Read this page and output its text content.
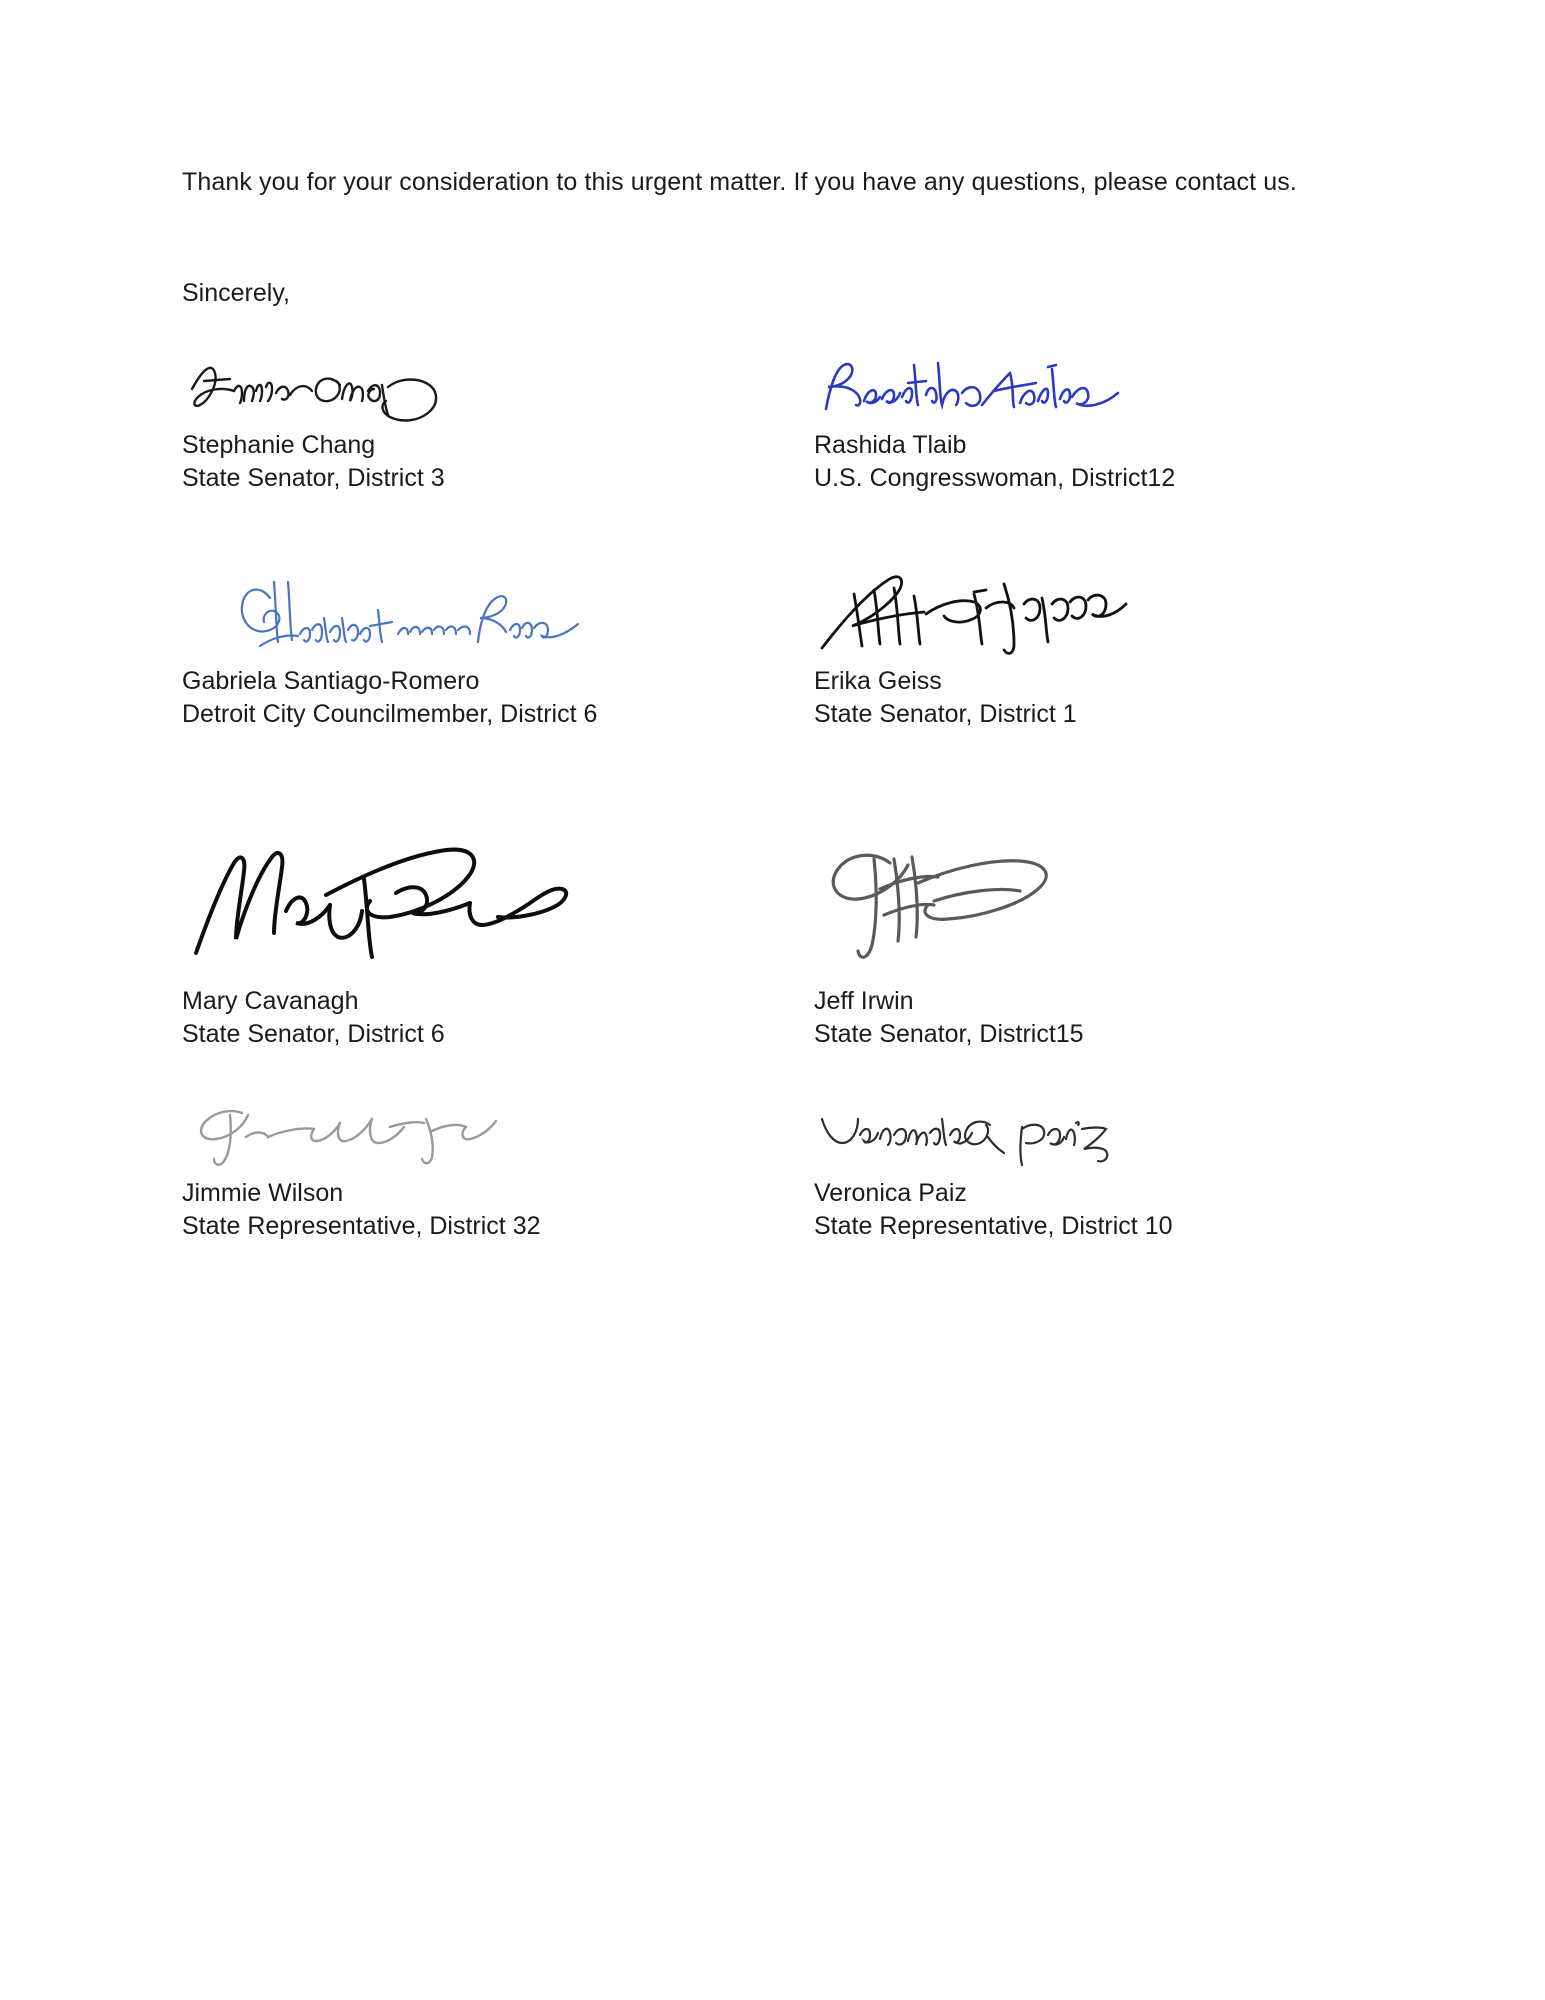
Thank you for your consideration to this urgent matter. If you have any questions, please contact us.

Sincerely,

Stephanie Chang
State Senator, District 3
Rashida Tlaib
U.S. Congresswoman, District12
Gabriela Santiago-Romero
Detroit City Councilmember, District 6
Erika Geiss
State Senator, District 1
Mary Cavanagh
State Senator, District 6
Jeff Irwin
State Senator, District15
Jimmie Wilson
State Representative, District 32
Veronica Paiz
State Representative, District 10
